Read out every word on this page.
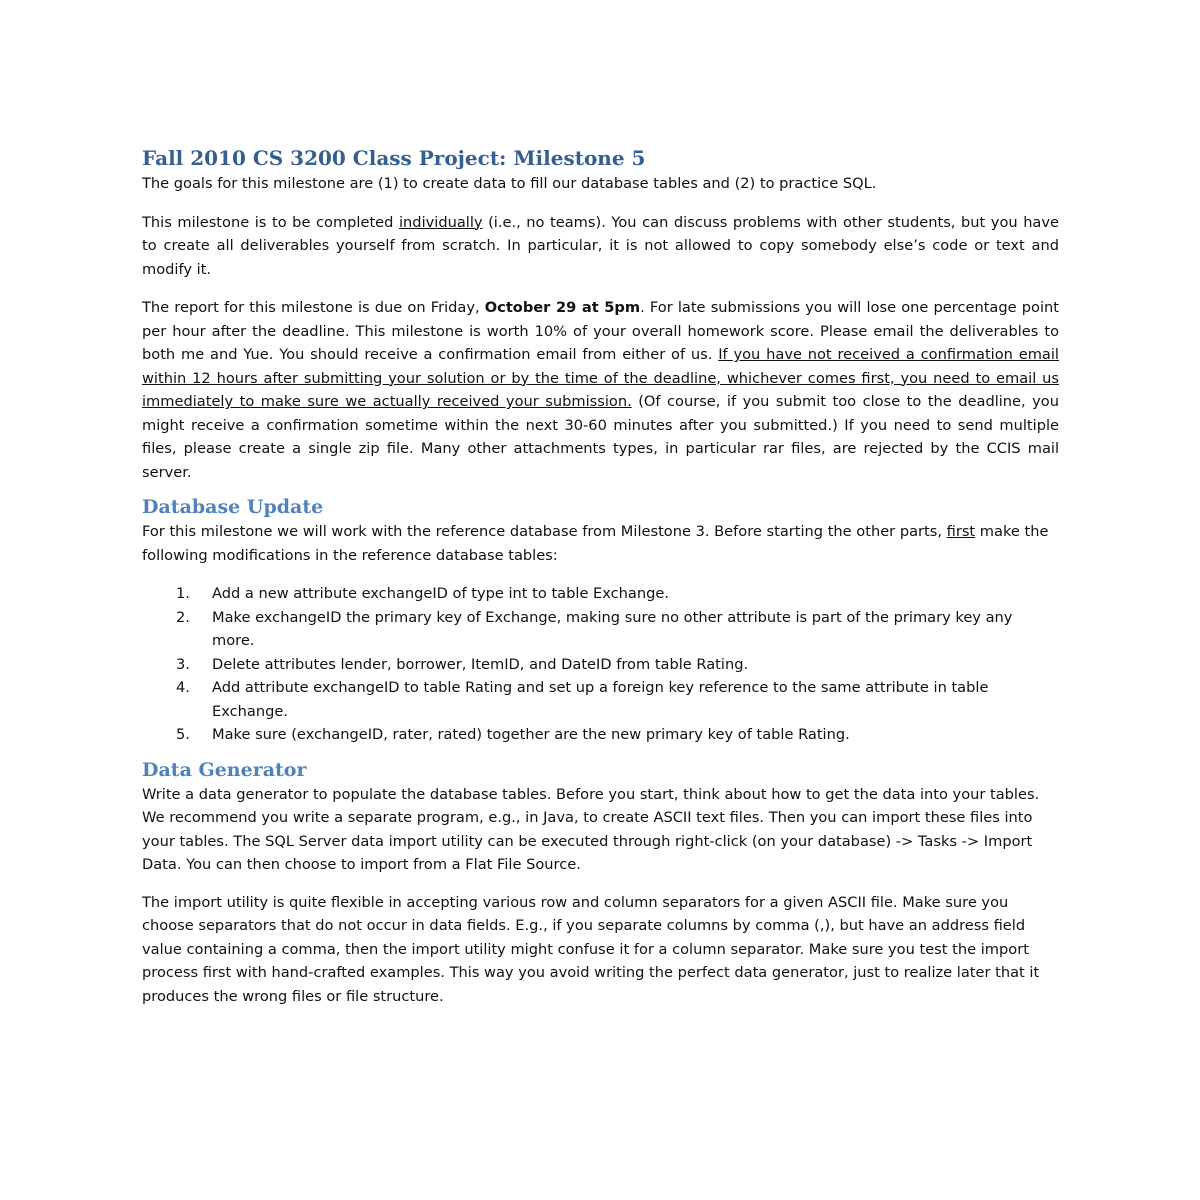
Fall 2010 CS 3200 Class Project: Milestone 5

The goals for this milestone are (1) to create data to fill our database tables and (2) to practice SQL.

This milestone is to be completed individually (i.e., no teams). You can discuss problems with other students, but you have to create all deliverables yourself from scratch. In particular, it is not allowed to copy somebody else’s code or text and modify it.

The report for this milestone is due on Friday, October 29 at 5pm. For late submissions you will lose one percentage point per hour after the deadline. This milestone is worth 10% of your overall homework score. Please email the deliverables to both me and Yue. You should receive a confirmation email from either of us. If you have not received a confirmation email within 12 hours after submitting your solution or by the time of the deadline, whichever comes first, you need to email us immediately to make sure we actually received your submission. (Of course, if you submit too close to the deadline, you might receive a confirmation sometime within the next 30-60 minutes after you submitted.) If you need to send multiple files, please create a single zip file. Many other attachments types, in particular rar files, are rejected by the CCIS mail server.

Database Update

For this milestone we will work with the reference database from Milestone 3. Before starting the other parts, first make the following modifications in the reference database tables:

1.	Add a new attribute exchangeID of type int to table Exchange.
2.	Make exchangeID the primary key of Exchange, making sure no other attribute is part of the primary key any more.
3.	Delete attributes lender, borrower, ItemID, and DateID from table Rating.
4.	Add attribute exchangeID to table Rating and set up a foreign key reference to the same attribute in table Exchange.
5.	Make sure (exchangeID, rater, rated) together are the new primary key of table Rating.
Data Generator

Write a data generator to populate the database tables. Before you start, think about how to get the data into your tables. We recommend you write a separate program, e.g., in Java, to create ASCII text files. Then you can import these files into your tables. The SQL Server data import utility can be executed through right-click (on your database) -> Tasks -> Import Data. You can then choose to import from a Flat File Source.

The import utility is quite flexible in accepting various row and column separators for a given ASCII file. Make sure you choose separators that do not occur in data fields. E.g., if you separate columns by comma (,), but have an address field value containing a comma, then the import utility might confuse it for a column separator. Make sure you test the import process first with hand-crafted examples. This way you avoid writing the perfect data generator, just to realize later that it produces the wrong files or file structure.
